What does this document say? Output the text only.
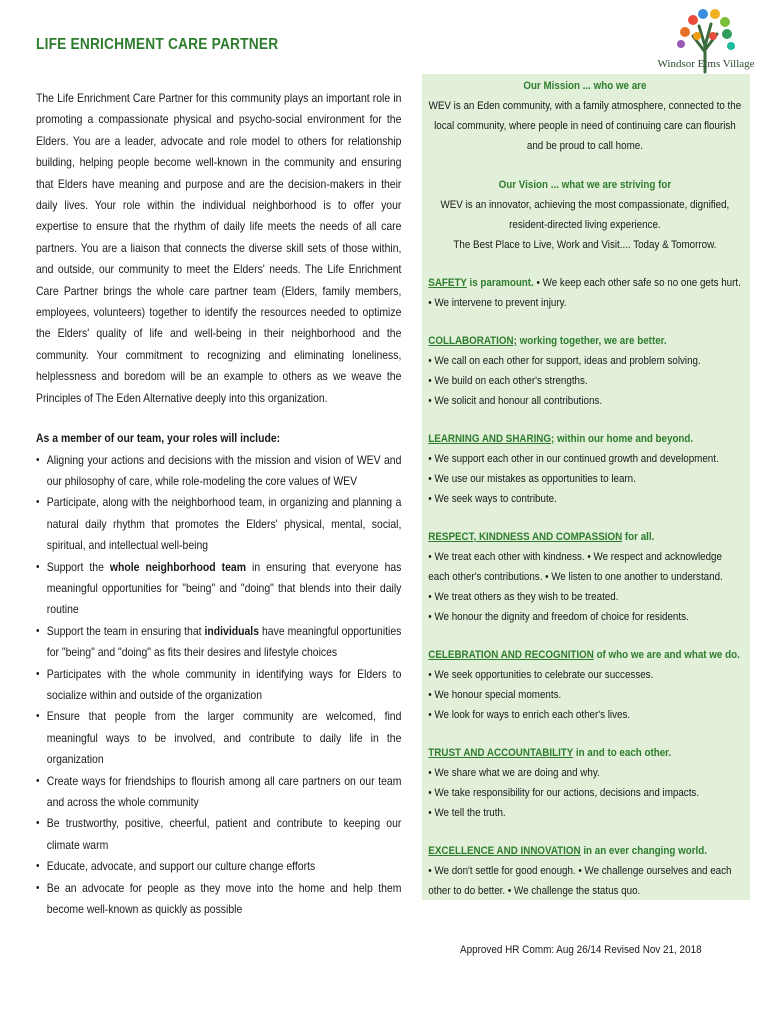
LIFE ENRICHMENT CARE PARTNER
Windsor Elms Village

The Life Enrichment Care Partner for this community plays an important role in promoting a compassionate physical and psycho-social environment for the Elders. You are a leader, advocate and role model to others for relationship building, helping people become well-known in the community and ensuring that Elders have meaning and purpose and are the decision-makers in their daily lives. Your role within the individual neighborhood is to offer your expertise to ensure that the rhythm of daily life meets the needs of all care partners. You are a liaison that connects the diverse skill sets of those within, and outside, our community to meet the Elders' needs. The Life Enrichment Care Partner brings the whole care partner team (Elders, family members, employees, volunteers) together to identify the resources needed to optimize the Elders' quality of life and well-being in their neighborhood and the community. Your commitment to recognizing and eliminating loneliness, helplessness and boredom will be an example to others as we weave the Principles of The Eden Alternative deeply into this organization.

As a member of our team, your roles will include:
• Aligning your actions and decisions with the mission and vision of WEV and our philosophy of care, while role-modeling the core values of WEV
• Participate, along with the neighborhood team, in organizing and planning a natural daily rhythm that promotes the Elders' physical, mental, social, spiritual, and intellectual well-being
• Support the whole neighborhood team in ensuring that everyone has meaningful opportunities for "being" and "doing" that blends into their daily routine
• Support the team in ensuring that individuals have meaningful opportunities for "being" and "doing" as fits their desires and lifestyle choices
• Participates with the whole community in identifying ways for Elders to socialize within and outside of the organization
• Ensure that people from the larger community are welcomed, find meaningful ways to be involved, and contribute to daily life in the organization
• Create ways for friendships to flourish among all care partners on our team and across the whole community
• Be trustworthy, positive, cheerful, patient and contribute to keeping our climate warm
• Educate, advocate, and support our culture change efforts
• Be an advocate for people as they move into the home and help them become well-known as quickly as possible
Our Mission ... who we are
WEV is an Eden community, with a family atmosphere, connected to the local community, where people in need of continuing care can flourish and be proud to call home.
Our Vision ... what we are striving for
WEV is an innovator, achieving the most compassionate, dignified, resident-directed living experience.
The Best Place to Live, Work and Visit.... Today & Tomorrow.
SAFETY is paramount. • We keep each other safe so no one gets hurt.
• We intervene to prevent injury.
COLLABORATION; working together, we are better.
• We call on each other for support, ideas and problem solving.
• We build on each other's strengths.
• We solicit and honour all contributions.
LEARNING AND SHARING; within our home and beyond.
• We support each other in our continued growth and development.
• We use our mistakes as opportunities to learn.
• We seek ways to contribute.
RESPECT, KINDNESS AND COMPASSION for all.
• We treat each other with kindness. • We respect and acknowledge each other's contributions. • We listen to one another to understand.
• We treat others as they wish to be treated.
• We honour the dignity and freedom of choice for residents.
CELEBRATION AND RECOGNITION of who we are and what we do.
• We seek opportunities to celebrate our successes.
• We honour special moments.
• We look for ways to enrich each other's lives.
TRUST AND ACCOUNTABILITY in and to each other.
• We share what we are doing and why.
• We take responsibility for our actions, decisions and impacts.
• We tell the truth.
EXCELLENCE AND INNOVATION in an ever changing world.
• We don't settle for good enough. • We challenge ourselves and each other to do better. • We challenge the status quo.
Approved HR Comm: Aug 26/14 Revised Nov 21, 2018
